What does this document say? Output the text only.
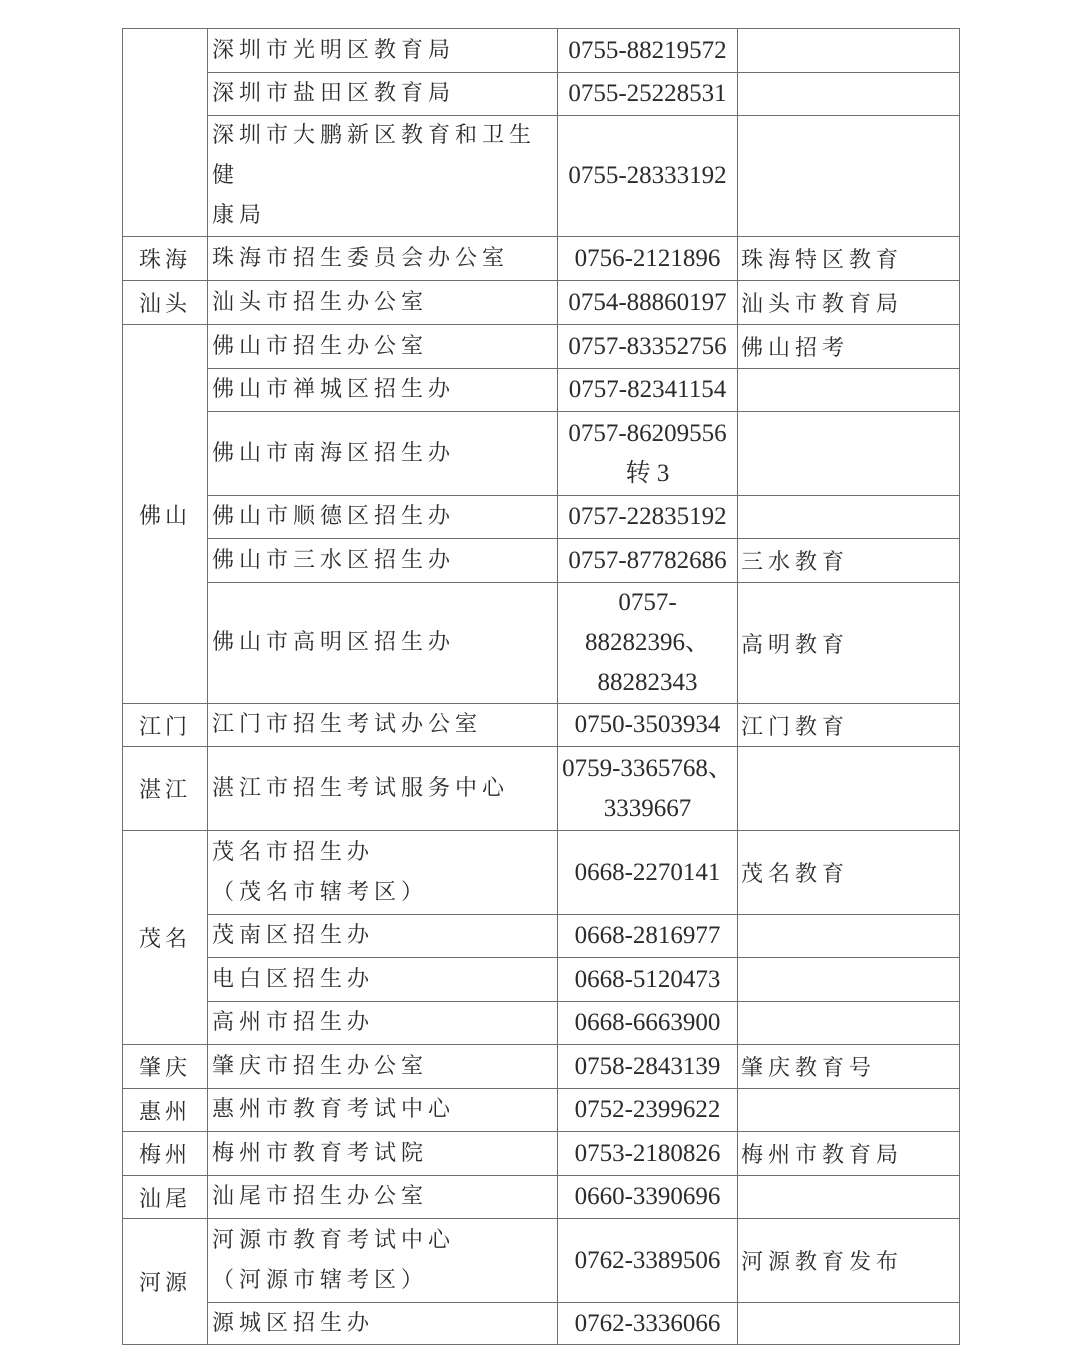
	深圳市光明区教育局	0755-88219572	

	深圳市盐田区教育局	0755-25228531	

	深圳市大鹏新区教育和卫生健
康局	0755-28333192	

珠海	珠海市招生委员会办公室	0756-2121896	珠海特区教育
汕头	汕头市招生办公室	0754-88860197	汕头市教育局
佛山	佛山市招生办公室	0757-83352756	佛山招考

	佛山市禅城区招生办	0757-82341154	

	佛山市南海区招生办	0757-86209556
转 3	

	佛山市顺德区招生办	0757-22835192	

	佛山市三水区招生办	0757-87782686	三水教育

	佛山市高明区招生办	0757-88282396、
88282343	高明教育
江门	江门市招生考试办公室	0750-3503934	江门教育
湛江	湛江市招生考试服务中心	0759-3365768、
3339667	

茂名	茂名市招生办
（茂名市辖考区）	0668-2270141	茂名教育

	茂南区招生办	0668-2816977	

	电白区招生办	0668-5120473	

	高州市招生办	0668-6663900	

肇庆	肇庆市招生办公室	0758-2843139	肇庆教育号
惠州	惠州市教育考试中心	0752-2399622	

梅州	梅州市教育考试院	0753-2180826	梅州市教育局
汕尾	汕尾市招生办公室	0660-3390696	

河源	河源市教育考试中心
（河源市辖考区）	0762-3389506	河源教育发布

	源城区招生办	0762-3336066	
